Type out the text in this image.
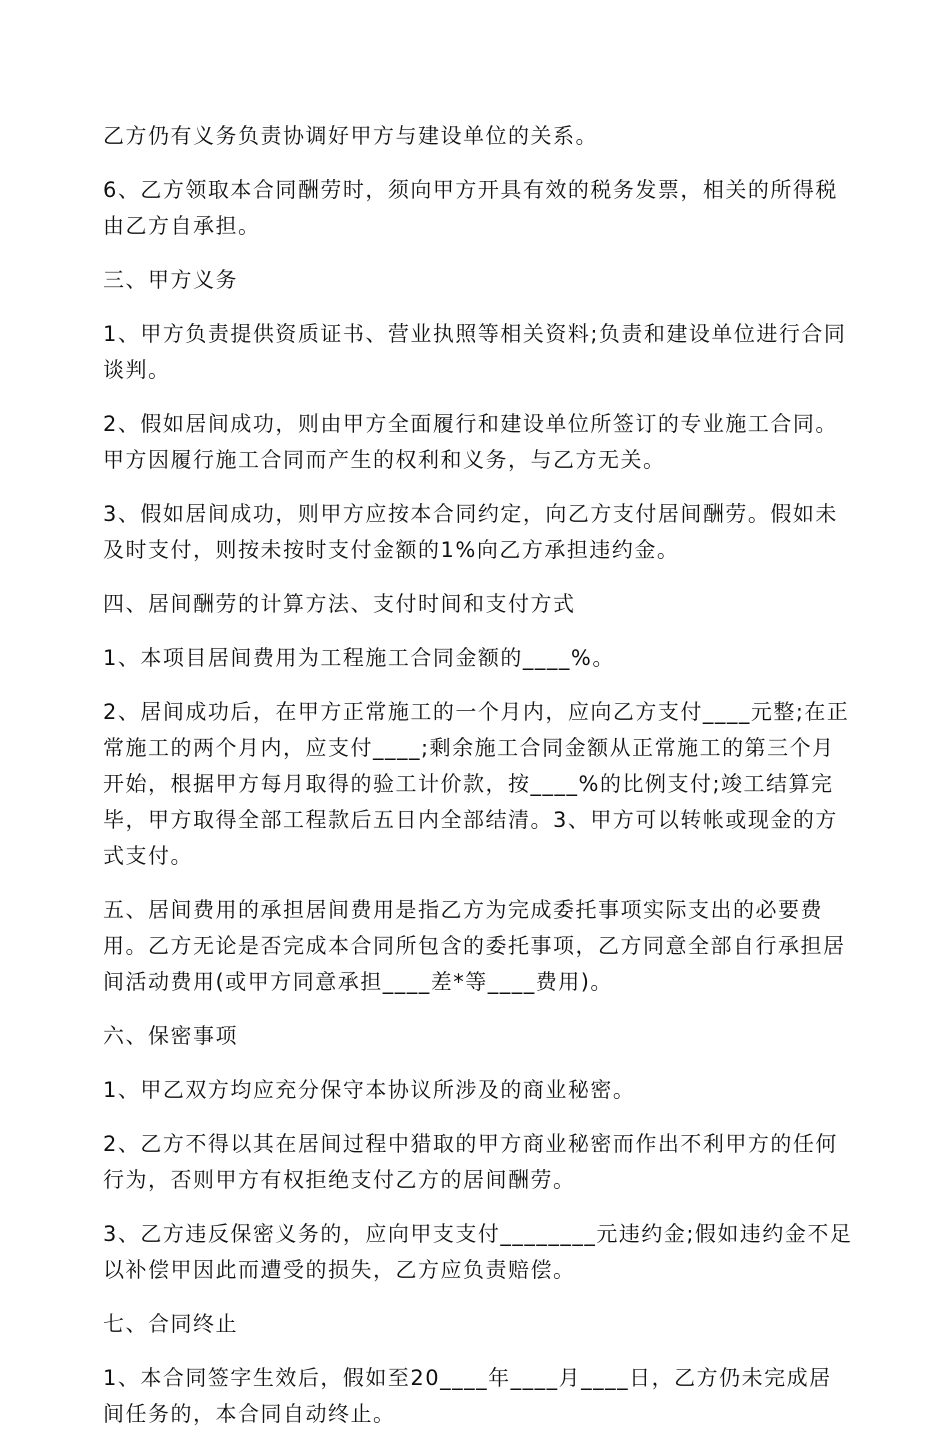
乙方仍有义务负责协调好甲方与建设单位的关系。

6、乙方领取本合同酬劳时，须向甲方开具有效的税务发票，相关的所得税由乙方自承担。

三、甲方义务

1、甲方负责提供资质证书、营业执照等相关资料;负责和建设单位进行合同谈判。

2、假如居间成功，则由甲方全面履行和建设单位所签订的专业施工合同。甲方因履行施工合同而产生的权利和义务，与乙方无关。

3、假如居间成功，则甲方应按本合同约定，向乙方支付居间酬劳。假如未及时支付，则按未按时支付金额的1%向乙方承担违约金。

四、居间酬劳的计算方法、支付时间和支付方式

1、本项目居间费用为工程施工合同金额的____%。

2、居间成功后，在甲方正常施工的一个月内，应向乙方支付____元整;在正常施工的两个月内，应支付____;剩余施工合同金额从正常施工的第三个月开始，根据甲方每月取得的验工计价款，按____%的比例支付;竣工结算完毕，甲方取得全部工程款后五日内全部结清。3、甲方可以转帐或现金的方式支付。

五、居间费用的承担居间费用是指乙方为完成委托事项实际支出的必要费用。乙方无论是否完成本合同所包含的委托事项，乙方同意全部自行承担居间活动费用(或甲方同意承担____差*等____费用)。

六、保密事项

1、甲乙双方均应充分保守本协议所涉及的商业秘密。

2、乙方不得以其在居间过程中猎取的甲方商业秘密而作出不利甲方的任何行为，否则甲方有权拒绝支付乙方的居间酬劳。

3、乙方违反保密义务的，应向甲支支付________元违约金;假如违约金不足以补偿甲因此而遭受的损失，乙方应负责赔偿。

七、合同终止

1、本合同签字生效后，假如至20____年____月____日，乙方仍未完成居间任务的，本合同自动终止。
